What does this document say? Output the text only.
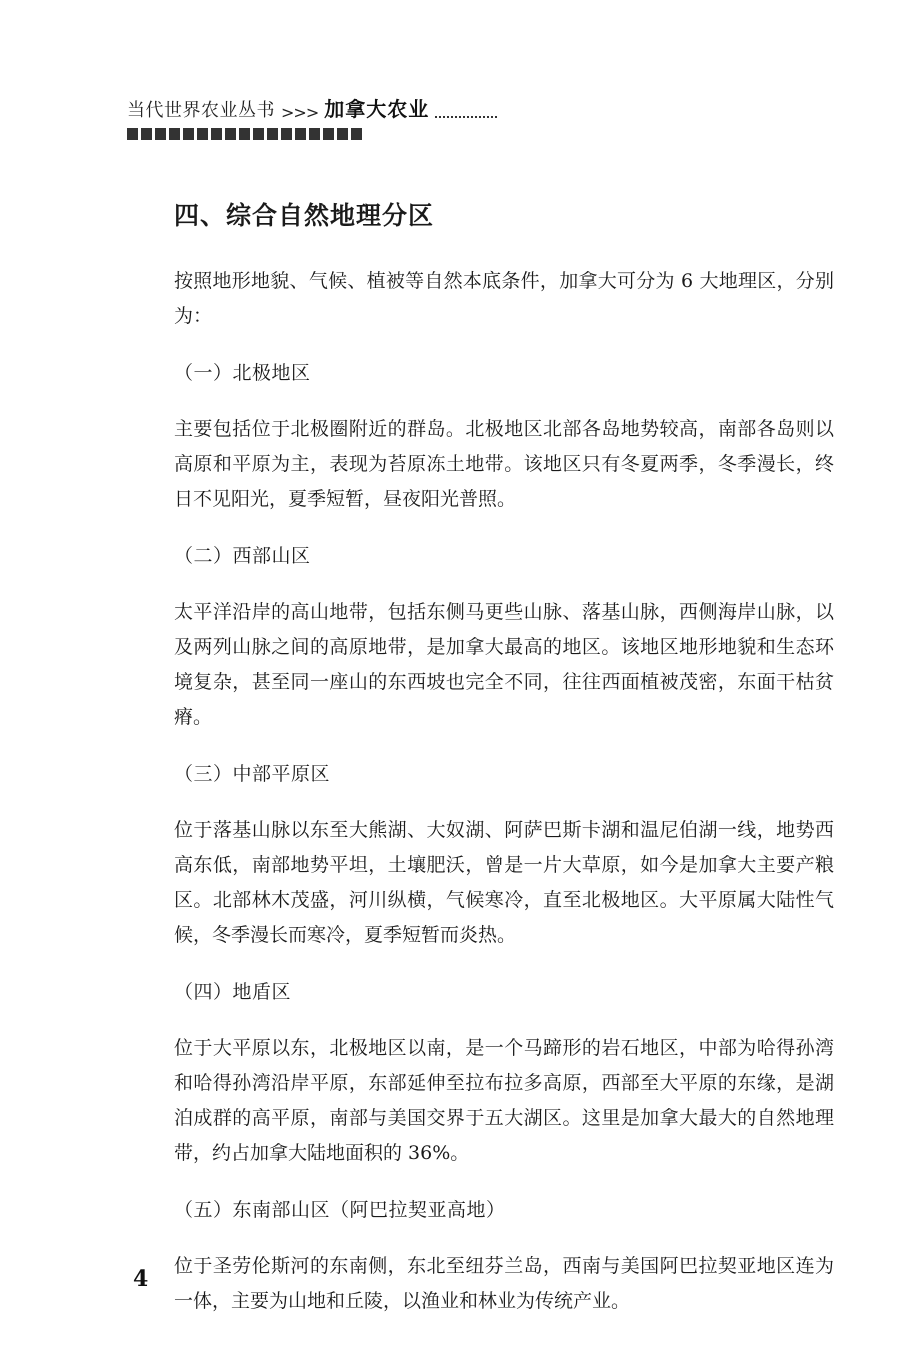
当代世界农业丛书 >>> 加拿大农业
四、综合自然地理分区

按照地形地貌、气候、植被等自然本底条件，加拿大可分为 6 大地理区，分别为：

（一）北极地区

主要包括位于北极圈附近的群岛。北极地区北部各岛地势较高，南部各岛则以高原和平原为主，表现为苔原冻土地带。该地区只有冬夏两季，冬季漫长，终日不见阳光，夏季短暂，昼夜阳光普照。

（二）西部山区

太平洋沿岸的高山地带，包括东侧马更些山脉、落基山脉，西侧海岸山脉，以及两列山脉之间的高原地带，是加拿大最高的地区。该地区地形地貌和生态环境复杂，甚至同一座山的东西坡也完全不同，往往西面植被茂密，东面干枯贫瘠。

（三）中部平原区

位于落基山脉以东至大熊湖、大奴湖、阿萨巴斯卡湖和温尼伯湖一线，地势西高东低，南部地势平坦，土壤肥沃，曾是一片大草原，如今是加拿大主要产粮区。北部林木茂盛，河川纵横，气候寒冷，直至北极地区。大平原属大陆性气候，冬季漫长而寒冷，夏季短暂而炎热。

（四）地盾区

位于大平原以东，北极地区以南，是一个马蹄形的岩石地区，中部为哈得孙湾和哈得孙湾沿岸平原，东部延伸至拉布拉多高原，西部至大平原的东缘，是湖泊成群的高平原，南部与美国交界于五大湖区。这里是加拿大最大的自然地理带，约占加拿大陆地面积的 36%。

（五）东南部山区（阿巴拉契亚高地）

位于圣劳伦斯河的东南侧，东北至纽芬兰岛，西南与美国阿巴拉契亚地区连为一体，主要为山地和丘陵，以渔业和林业为传统产业。

4
